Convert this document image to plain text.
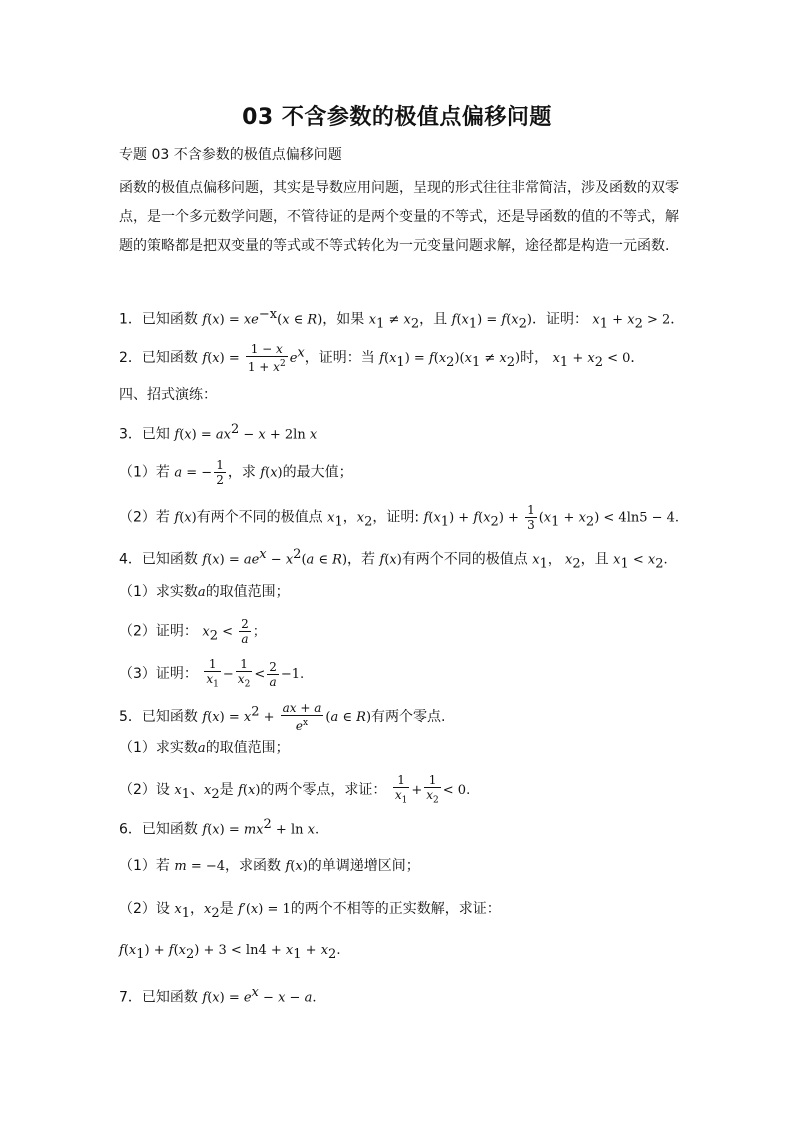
03 不含参数的极值点偏移问题
专题 03 不含参数的极值点偏移问题
函数的极值点偏移问题，其实是导数应用问题，呈现的形式往往非常简洁，涉及函数的双零点，是一个多元数学问题，不管待证的是两个变量的不等式，还是导函数的值的不等式，解题的策略都是把双变量的等式或不等式转化为一元变量问题求解，途径都是构造一元函数.
1．已知函数 $f(x) = xe^{-x}(x$ ∈ R)，如果 $x_1 \ne x_2$，且 $f(x_1) = f(x_2)$．证明： $x_1 + x_2 > 2$．
2．已知函数 $f(x) = \frac{1 - x}{1 + x^2} e^x$，证明：当 $f(x_1) = f(x_2)(x_1 \ne x_2)$时， $x_1 + x_2 < 0$．
四、招式演练：
3．已知 $f(x) = ax^2 - x + 2\ln$ x
（1）若 a = − $\frac{1}{2}$ ，求 f(x)的最大值；
（2）若 f(x)有两个不同的极值点 $x_1$，$x_2$，证明: $f(x_1) + f(x_2) + \frac{1}{3} (x_1 + x_2) < 4\ln 5 - 4$.
4．已知函数 $f(x) = ae^x - x^2(a$ ∈ R)，若 f(x)有两个不同的极值点 $x_1$， $x_2$，且 $x_1 < x_2$.
（1）求实数a的取值范围；
（2）证明： $x_2 < \frac{2}{a}$ ；
（3）证明： $\frac{1}{x_1} - \frac{1}{x_2} < \frac{2}{a} -1$.
5．已知函数 $f(x) = x^2 + \frac{ax + a}{e^x} (a$ ∈ R)有两个零点.
（1）求实数a的取值范围；
（2）设 $x_1$、$x_2$是 f(x)的两个零点，求证： $\frac{1}{x_1} + \frac{1}{x_2} < 0$.
6．已知函数 $f(x) = mx^2 + \ln x$.
（1）若 m = −4，求函数 f(x)的单调递增区间；
（2）设 $x_1$，$x_2$是 f′(x) = 1的两个不相等的正实数解，求证：
$f(x_1) + f(x_2) + 3 < \ln 4 + x_1 + x_2$.
7．已知函数 $f(x) = e^x - x - a$.
